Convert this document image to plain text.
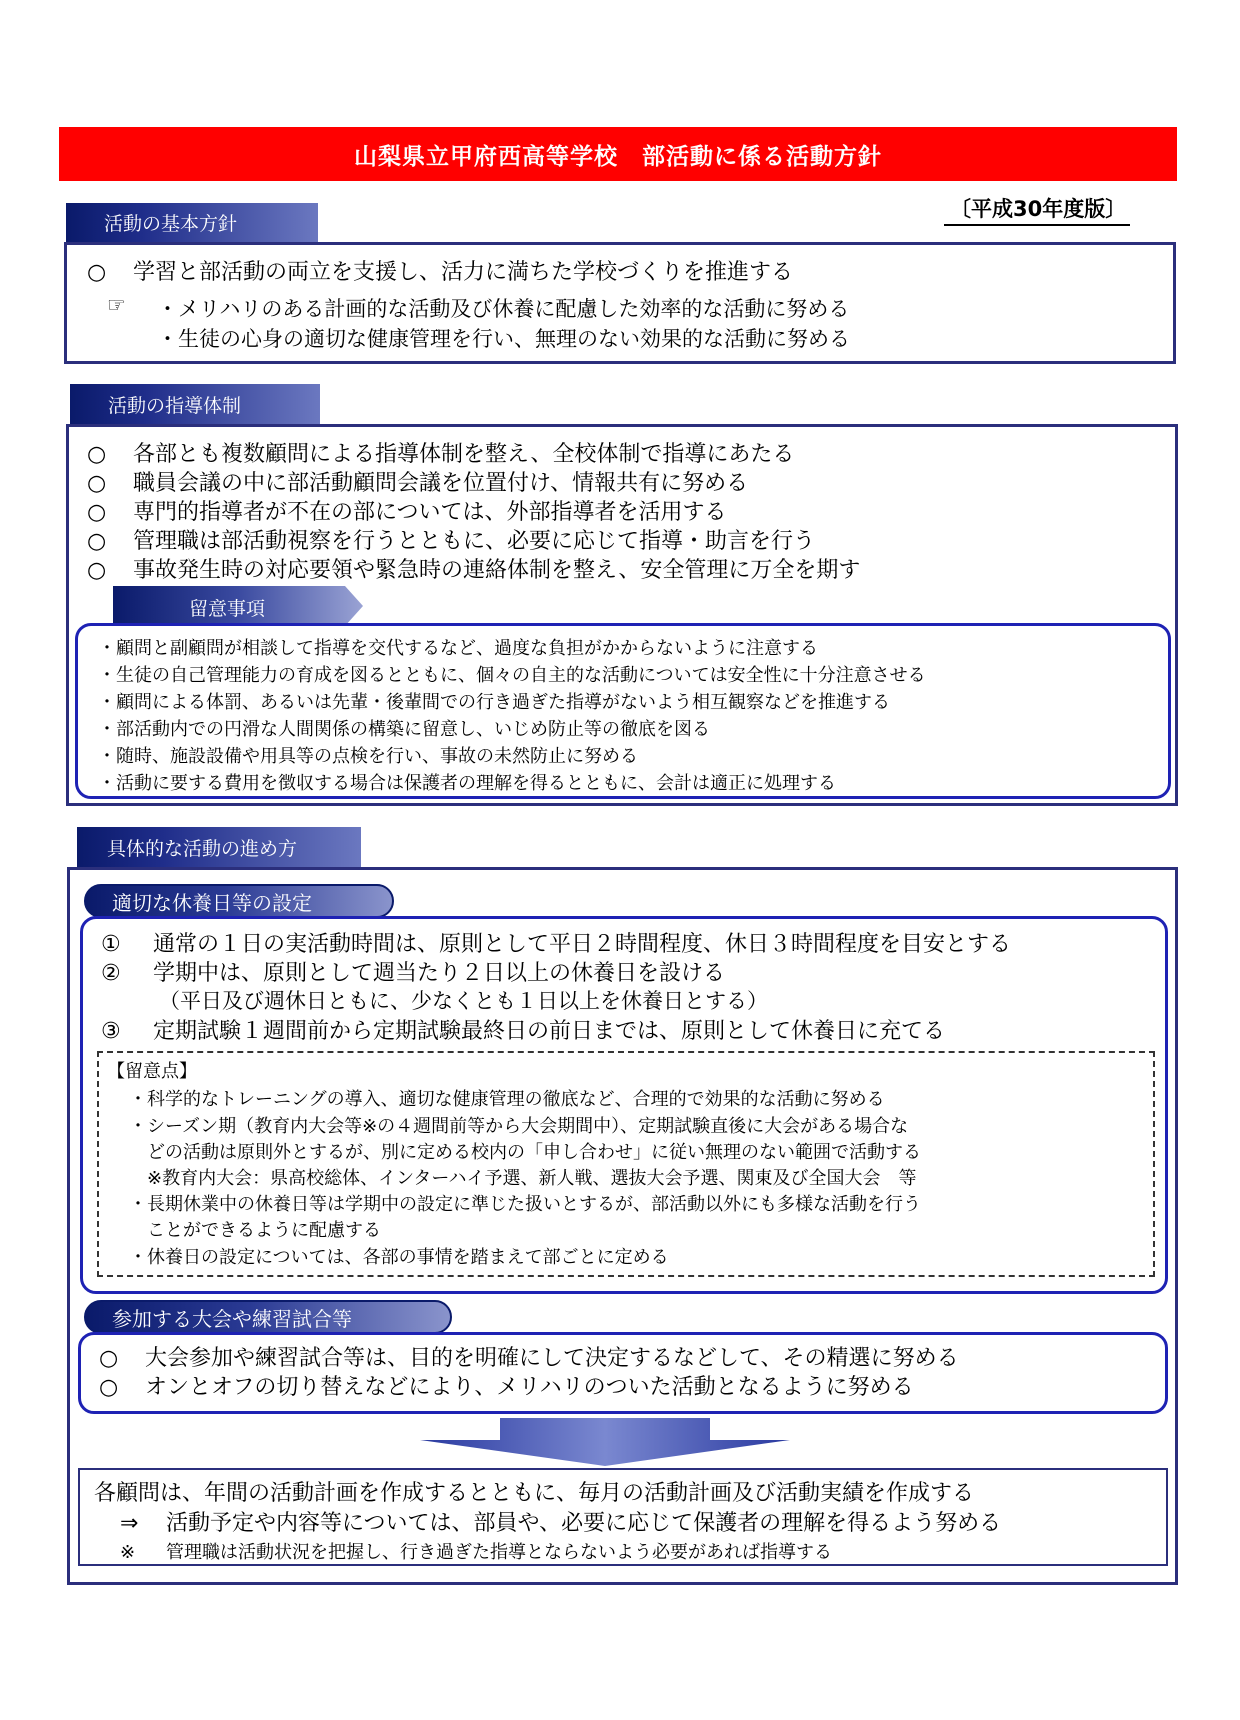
山梨県立甲府西高等学校　部活動に係る活動方針
〔平成30年度版〕
活動の基本方針
○ 学習と部活動の両立を支援し、活力に満ちた学校づくりを推進する
☞ ・メリハリのある計画的な活動及び休養に配慮した効率的な活動に努める
・生徒の心身の適切な健康管理を行い、無理のない効果的な活動に努める
活動の指導体制
○ 各部とも複数顧問による指導体制を整え、全校体制で指導にあたる
○ 職員会議の中に部活動顧問会議を位置付け、情報共有に努める
○ 専門的指導者が不在の部については、外部指導者を活用する
○ 管理職は部活動視察を行うとともに、必要に応じて指導・助言を行う
○ 事故発生時の対応要領や緊急時の連絡体制を整え、安全管理に万全を期す
留意事項
・顧問と副顧問が相談して指導を交代するなど、過度な負担がかからないように注意する
・生徒の自己管理能力の育成を図るとともに、個々の自主的な活動については安全性に十分注意させる
・顧問による体罰、あるいは先輩・後輩間での行き過ぎた指導がないよう相互観察などを推進する
・部活動内での円滑な人間関係の構築に留意し、いじめ防止等の徹底を図る
・随時、施設設備や用具等の点検を行い、事故の未然防止に努める
・活動に要する費用を徴収する場合は保護者の理解を得るとともに、会計は適正に処理する
具体的な活動の進め方
適切な休養日等の設定
① 通常の１日の実活動時間は、原則として平日２時間程度、休日３時間程度を目安とする
② 学期中は、原則として週当たり２日以上の休養日を設ける
（平日及び週休日ともに、少なくとも１日以上を休養日とする）
③ 定期試験１週間前から定期試験最終日の前日までは、原則として休養日に充てる
【留意点】
・科学的なトレーニングの導入、適切な健康管理の徹底など、合理的で効果的な活動に努める
・シーズン期（教育内大会等※の４週間前等から大会期間中）、定期試験直後に大会がある場合な
　どの活動は原則外とするが、別に定める校内の「申し合わせ」に従い無理のない範囲で活動する
　※教育内大会：県高校総体、インターハイ予選、新人戦、選抜大会予選、関東及び全国大会　等
・長期休業中の休養日等は学期中の設定に準じた扱いとするが、部活動以外にも多様な活動を行う
　ことができるように配慮する
・休養日の設定については、各部の事情を踏まえて部ごとに定める
参加する大会や練習試合等
○ 大会参加や練習試合等は、目的を明確にして決定するなどして、その精選に努める
○ オンとオフの切り替えなどにより、メリハリのついた活動となるように努める
各顧問は、年間の活動計画を作成するとともに、毎月の活動計画及び活動実績を作成する
⇒ 活動予定や内容等については、部員や、必要に応じて保護者の理解を得るよう努める
※ 管理職は活動状況を把握し、行き過ぎた指導とならないよう必要があれば指導する
